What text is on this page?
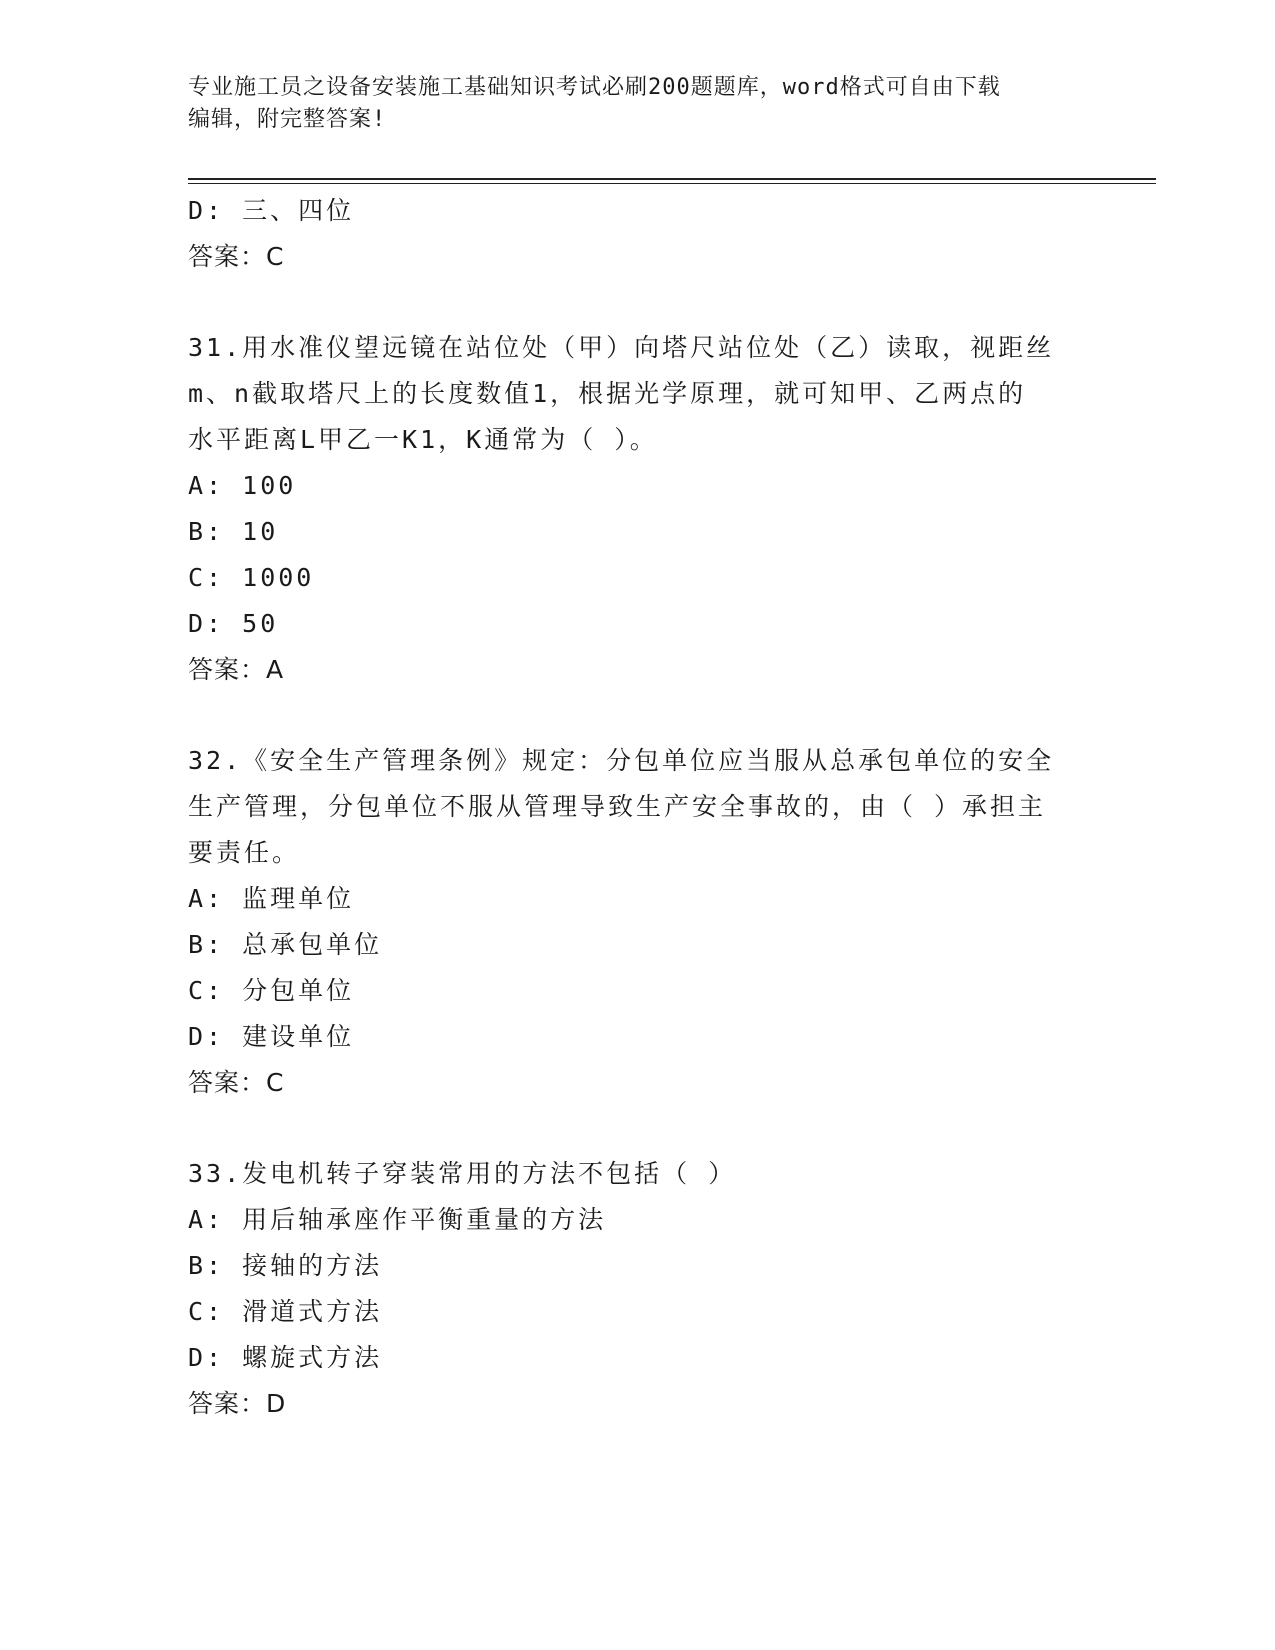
专业施工员之设备安装施工基础知识考试必刷200题题库，word格式可自由下载
编辑，附完整答案!
D: 三、四位
答案：C
31.用水准仪望远镜在站位处（甲）向塔尺站位处（乙）读取，视距丝
m、n截取塔尺上的长度数值1，根据光学原理，就可知甲、乙两点的
水平距离L甲乙一K1，K通常为（ ）。
A: 100
B: 10
C: 1000
D: 50
答案：A
32.《安全生产管理条例》规定：分包单位应当服从总承包单位的安全
生产管理，分包单位不服从管理导致生产安全事故的，由（ ）承担主
要责任。
A: 监理单位
B: 总承包单位
C: 分包单位
D: 建设单位
答案：C
33.发电机转子穿装常用的方法不包括（ ）
A: 用后轴承座作平衡重量的方法
B: 接轴的方法
C: 滑道式方法
D: 螺旋式方法
答案：D
